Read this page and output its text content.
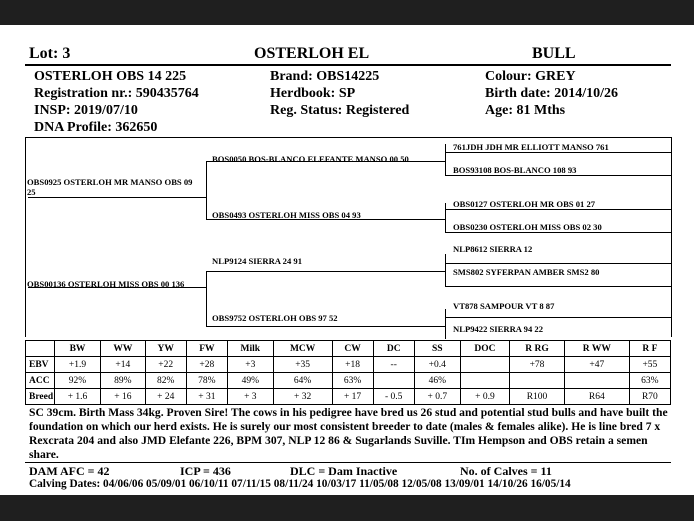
Lot: 3	OSTERLOH EL	BULL
OSTERLOH OBS 14 225
Registration nr.: 590435764
INSP: 2019/07/10
DNA Profile: 362650
Brand: OBS14225
Herdbook: SP
Reg. Status: Registered
Colour: GREY
Birth date: 2014/10/26
Age: 81 Mths
OBS0925 OSTERLOH MR MANSO OBS 09 25
OBS00136 OSTERLOH MISS OBS 00 136
BOS0050 BOS-BLANCO ELEFANTE MANSO 00 50
OBS0493 OSTERLOH MISS OBS 04 93
NLP9124 SIERRA 24 91
OBS9752 OSTERLOH OBS 97 52
761JDH JDH MR ELLIOTT MANSO 761
BOS93108 BOS-BLANCO 108 93
OBS0127 OSTERLOH MR OBS 01 27
OBS0230 OSTERLOH MISS OBS 02 30
NLP8612 SIERRA 12
SMS802 SYFERPAN AMBER SMS2 80
VT878 SAMPOUR VT 8 87
NLP9422 SIERRA 94 22
	BW	WW	YW	FW	Milk	MCW	CW	DC	SS	DOC	R RG	R WW	R F
EBV	+1.9	+14	+22	+28	+3	+35	+18	--	+0.4		+78	+47	+55
ACC	92%	89%	82%	78%	49%	64%	63%		46%				63%
Breed	+ 1.6	+ 16	+ 24	+ 31	+ 3	+ 32	+ 17	- 0.5	+ 0.7	+ 0.9	R100	R64	R70
SC 39cm. Birth Mass 34kg. Proven Sire! The cows in his pedigree have bred us 26 stud and potential stud bulls and have built the foundation on which our herd exists. He is surely our most consistent breeder to date (males & females alike). He is line bred 7 x Rexcrata 204 and also JMD Elefante 226, BPM 307, NLP 12 86 & Sugarlands Suville. TIm Hempson and OBS retain a semen share.
DAM AFC = 42	ICP = 436	DLC = Dam Inactive	No. of Calves = 11
Calving Dates: 04/06/06 05/09/01 06/10/11 07/11/15 08/11/24 10/03/17 11/05/08 12/05/08 13/09/01 14/10/26 16/05/14
